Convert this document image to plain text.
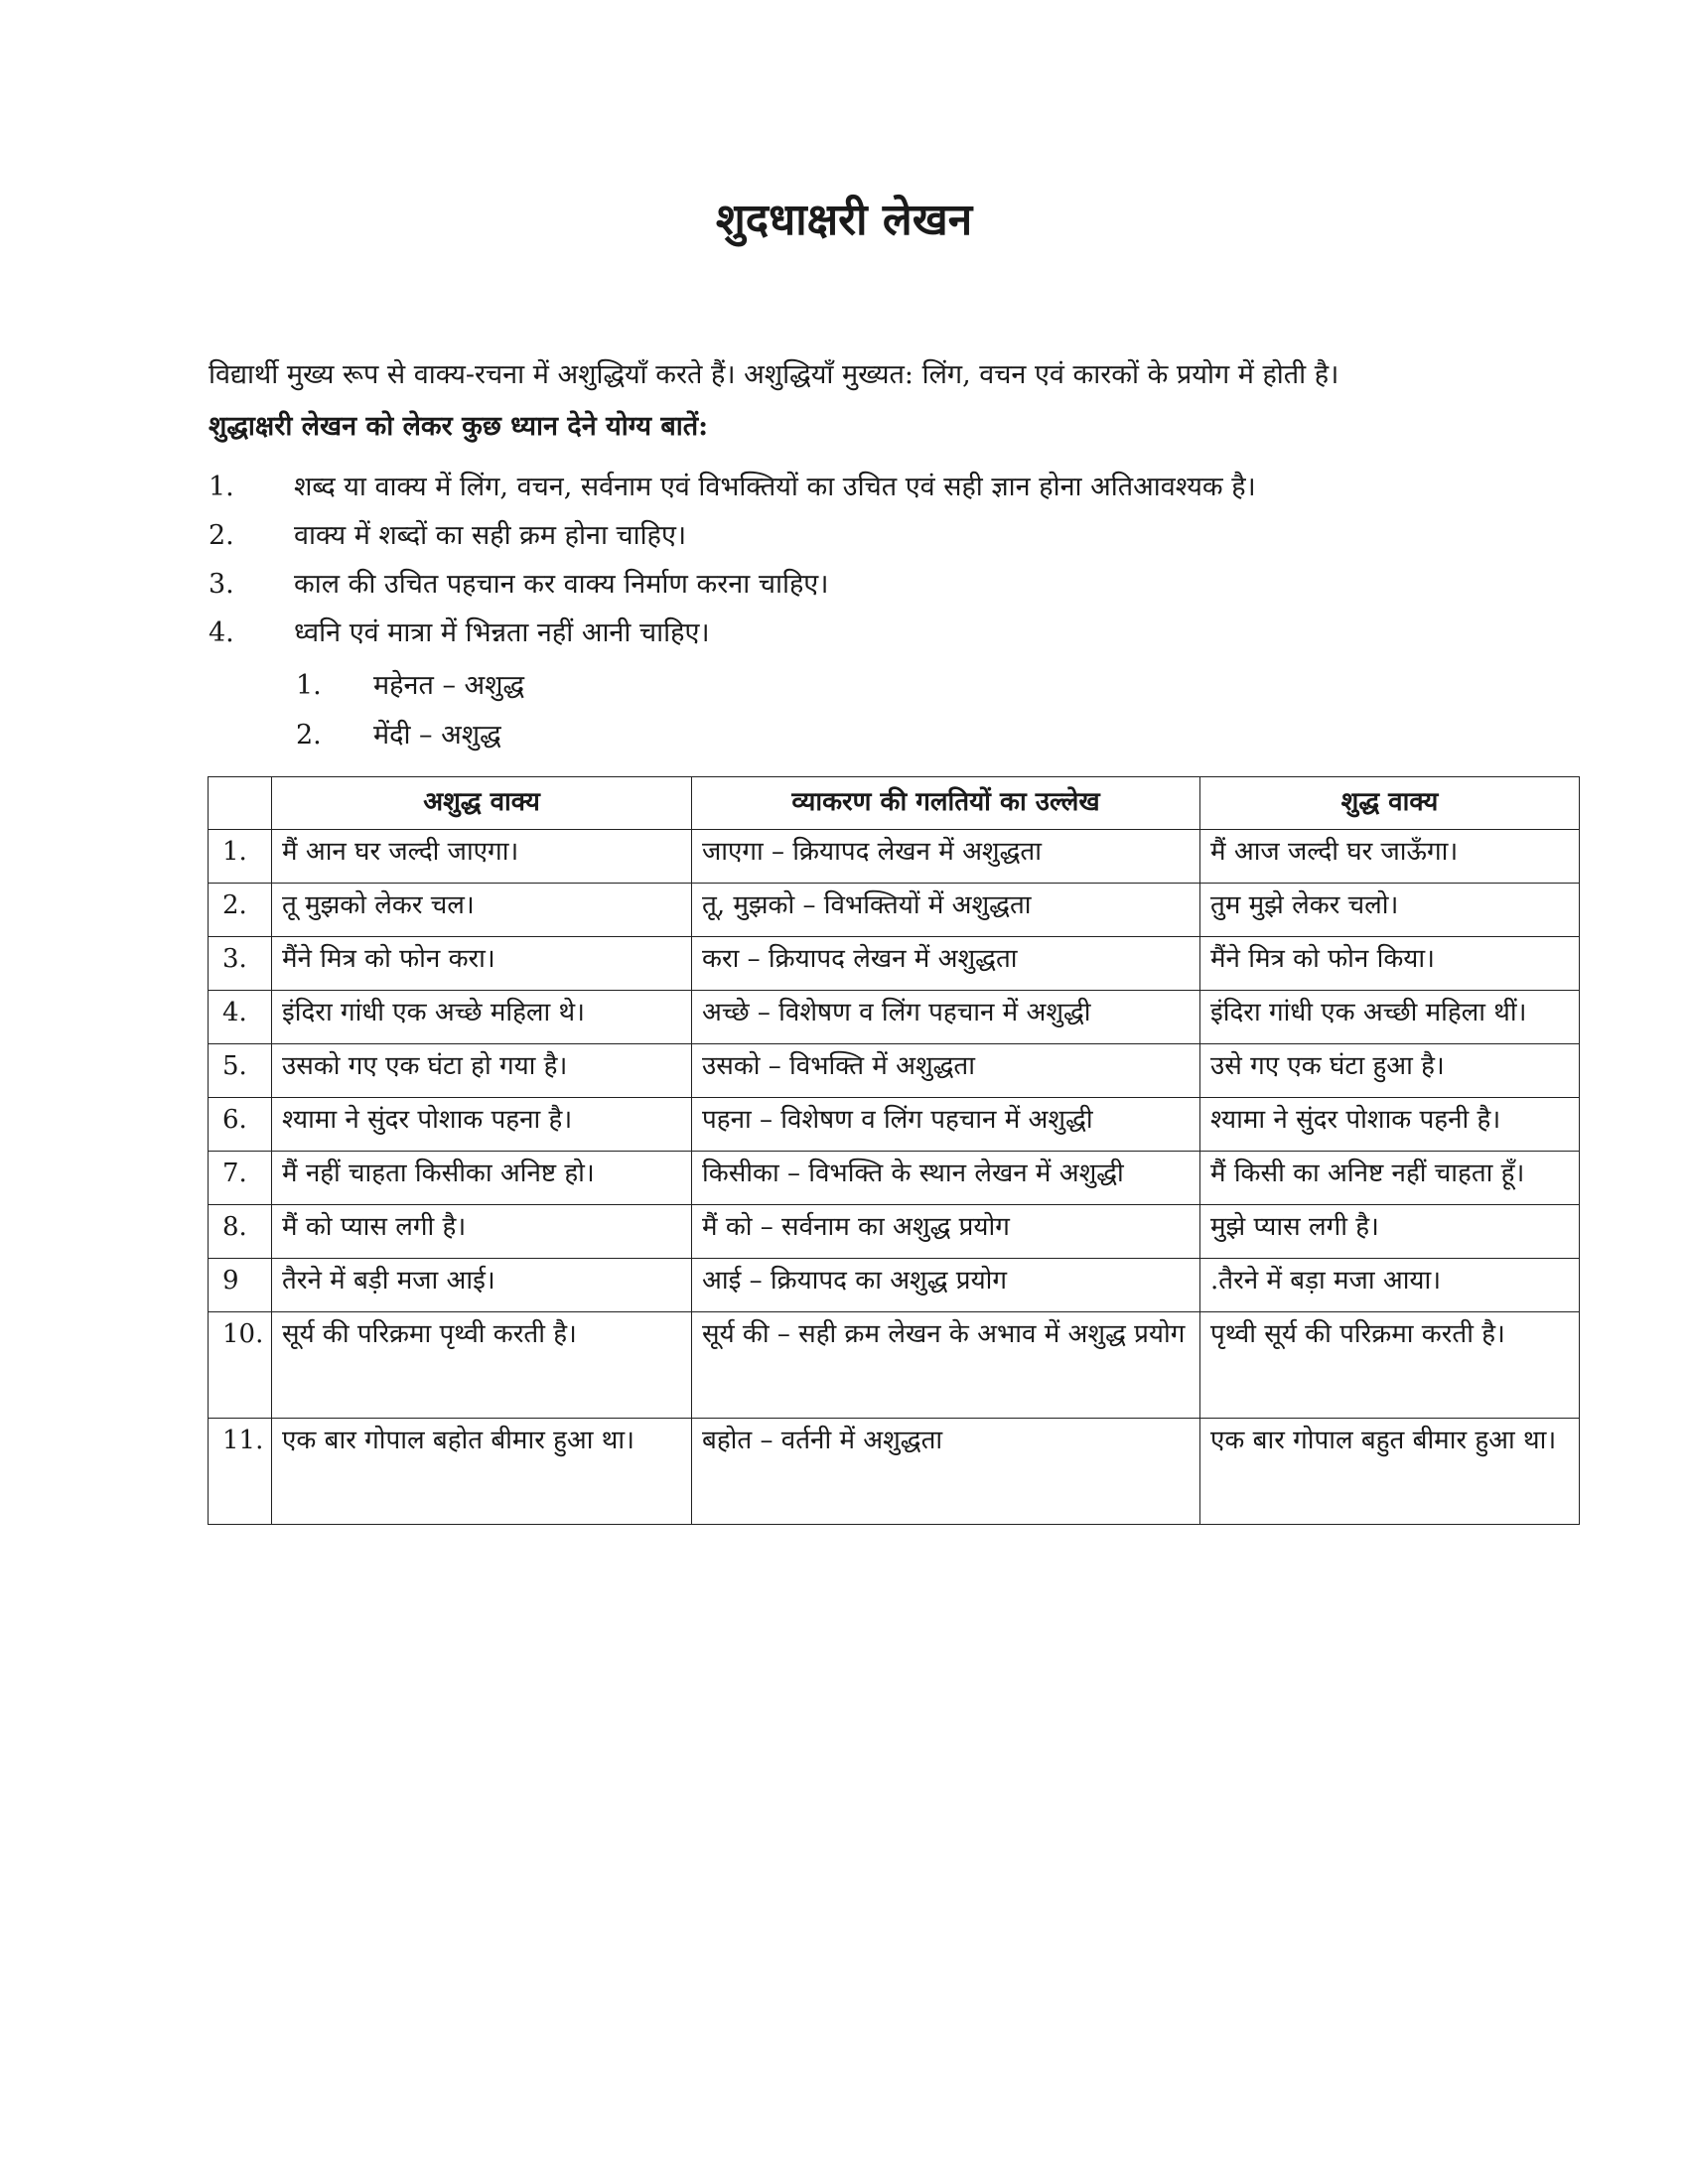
शुदधाक्षरी लेखन

विद्यार्थी मुख्य रूप से वाक्य-रचना में अशुद्धियाँ करते हैं। अशुद्धियाँ मुख्यत: लिंग, वचन एवं कारकों के प्रयोग में होती है।

शुद्धाक्षरी लेखन को लेकर कुछ ध्यान देने योग्य बातें:

1.	शब्द या वाक्य में लिंग, वचन, सर्वनाम एवं विभक्तियों का उचित एवं सही ज्ञान होना अतिआवश्यक है।
2.	वाक्य में शब्दों का सही क्रम होना चाहिए।
3.	काल की उचित पहचान कर वाक्य निर्माण करना चाहिए।
4.	ध्वनि एवं मात्रा में भिन्नता नहीं आनी चाहिए।
1.	महेनत – अशुद्ध
2.	मेंदी – अशुद्ध
	अशुद्ध वाक्य	व्याकरण की गलतियों का उल्लेख	शुद्ध वाक्य
1.	मैं आन घर जल्दी जाएगा।	जाएगा – क्रियापद लेखन में अशुद्धता	मैं आज जल्दी घर जाऊँगा।
2.	तू मुझको लेकर चल।	तू, मुझको – विभक्तियों में अशुद्धता	तुम मुझे लेकर चलो।
3.	मैंने मित्र को फोन करा।	करा – क्रियापद लेखन में अशुद्धता	मैंने मित्र को फोन किया।
4.	इंदिरा गांधी एक अच्छे महिला थे।	अच्छे – विशेषण व लिंग पहचान में अशुद्धी	इंदिरा गांधी एक अच्छी महिला थीं।
5.	उसको गए एक घंटा हो गया है।	उसको – विभक्ति में अशुद्धता	उसे गए एक घंटा हुआ है।
6.	श्यामा ने सुंदर पोशाक पहना है।	पहना – विशेषण व लिंग पहचान में अशुद्धी	श्यामा ने सुंदर पोशाक पहनी है।
7.	मैं नहीं चाहता किसीका अनिष्ट हो।	किसीका – विभक्ति के स्थान लेखन में अशुद्धी	मैं किसी का अनिष्ट नहीं चाहता हूँ।
8.	मैं को प्यास लगी है।	मैं को – सर्वनाम का अशुद्ध प्रयोग	मुझे प्यास लगी है।
9	तैरने में बड़ी मजा आई।	आई – क्रियापद का अशुद्ध प्रयोग	.तैरने में बड़ा मजा आया।
10.	सूर्य की परिक्रमा पृथ्वी करती है।	सूर्य की – सही क्रम लेखन के अभाव में अशुद्ध प्रयोग	पृथ्वी सूर्य की परिक्रमा करती है।
11.	एक बार गोपाल बहोत बीमार हुआ था।	बहोत – वर्तनी में अशुद्धता	एक बार गोपाल बहुत बीमार हुआ था।
